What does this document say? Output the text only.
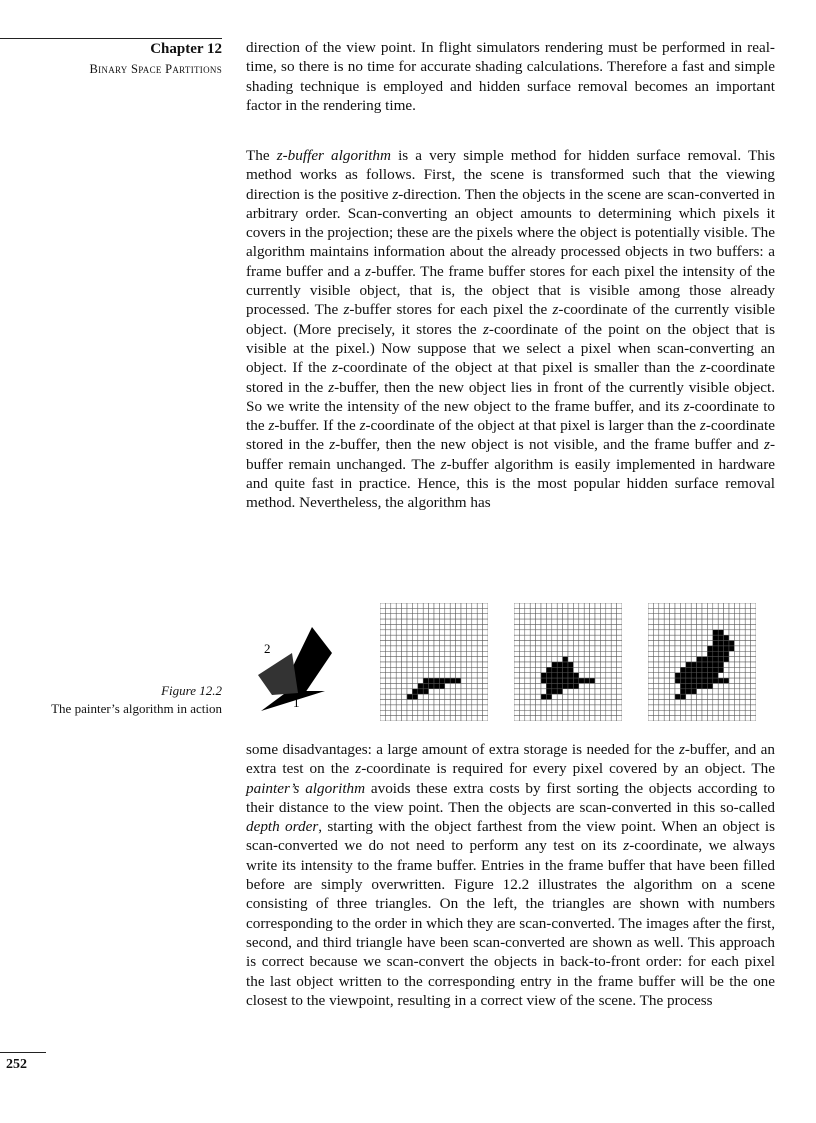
Chapter 12
Binary Space Partitions

direction of the view point. In flight simulators rendering must be performed in real-time, so there is no time for accurate shading calculations. Therefore a fast and simple shading technique is employed and hidden surface removal becomes an important factor in the rendering time.

The z-buffer algorithm is a very simple method for hidden surface removal. This method works as follows. First, the scene is transformed such that the viewing direction is the positive z-direction. Then the objects in the scene are scan-converted in arbitrary order. Scan-converting an object amounts to determining which pixels it covers in the projection; these are the pixels where the object is potentially visible. The algorithm maintains information about the already processed objects in two buffers: a frame buffer and a z-buffer. The frame buffer stores for each pixel the intensity of the currently visible object, that is, the object that is visible among those already processed. The z-buffer stores for each pixel the z-coordinate of the currently visible object. (More precisely, it stores the z-coordinate of the point on the object that is visible at the pixel.) Now suppose that we select a pixel when scan-converting an object. If the z-coordinate of the object at that pixel is smaller than the z-coordinate stored in the z-buffer, then the new object lies in front of the currently visible object. So we write the intensity of the new object to the frame buffer, and its z-coordinate to the z-buffer. If the z-coordinate of the object at that pixel is larger than the z-coordinate stored in the z-buffer, then the new object is not visible, and the frame buffer and z-buffer remain unchanged. The z-buffer algorithm is easily implemented in hardware and quite fast in practice. Hence, this is the most popular hidden surface removal method. Nevertheless, the algorithm has

Figure 12.2
The painter’s algorithm in action
2	3
1

some disadvantages: a large amount of extra storage is needed for the z-buffer, and an extra test on the z-coordinate is required for every pixel covered by an object. The painter’s algorithm avoids these extra costs by first sorting the objects according to their distance to the view point. Then the objects are scan-converted in this so-called depth order, starting with the object farthest from the view point. When an object is scan-converted we do not need to perform any test on its z-coordinate, we always write its intensity to the frame buffer. Entries in the frame buffer that have been filled before are simply overwritten. Figure 12.2 illustrates the algorithm on a scene consisting of three triangles. On the left, the triangles are shown with numbers corresponding to the order in which they are scan-converted. The images after the first, second, and third triangle have been scan-converted are shown as well. This approach is correct because we scan-convert the objects in back-to-front order: for each pixel the last object written to the corresponding entry in the frame buffer will be the one closest to the viewpoint, resulting in a correct view of the scene. The process

252
